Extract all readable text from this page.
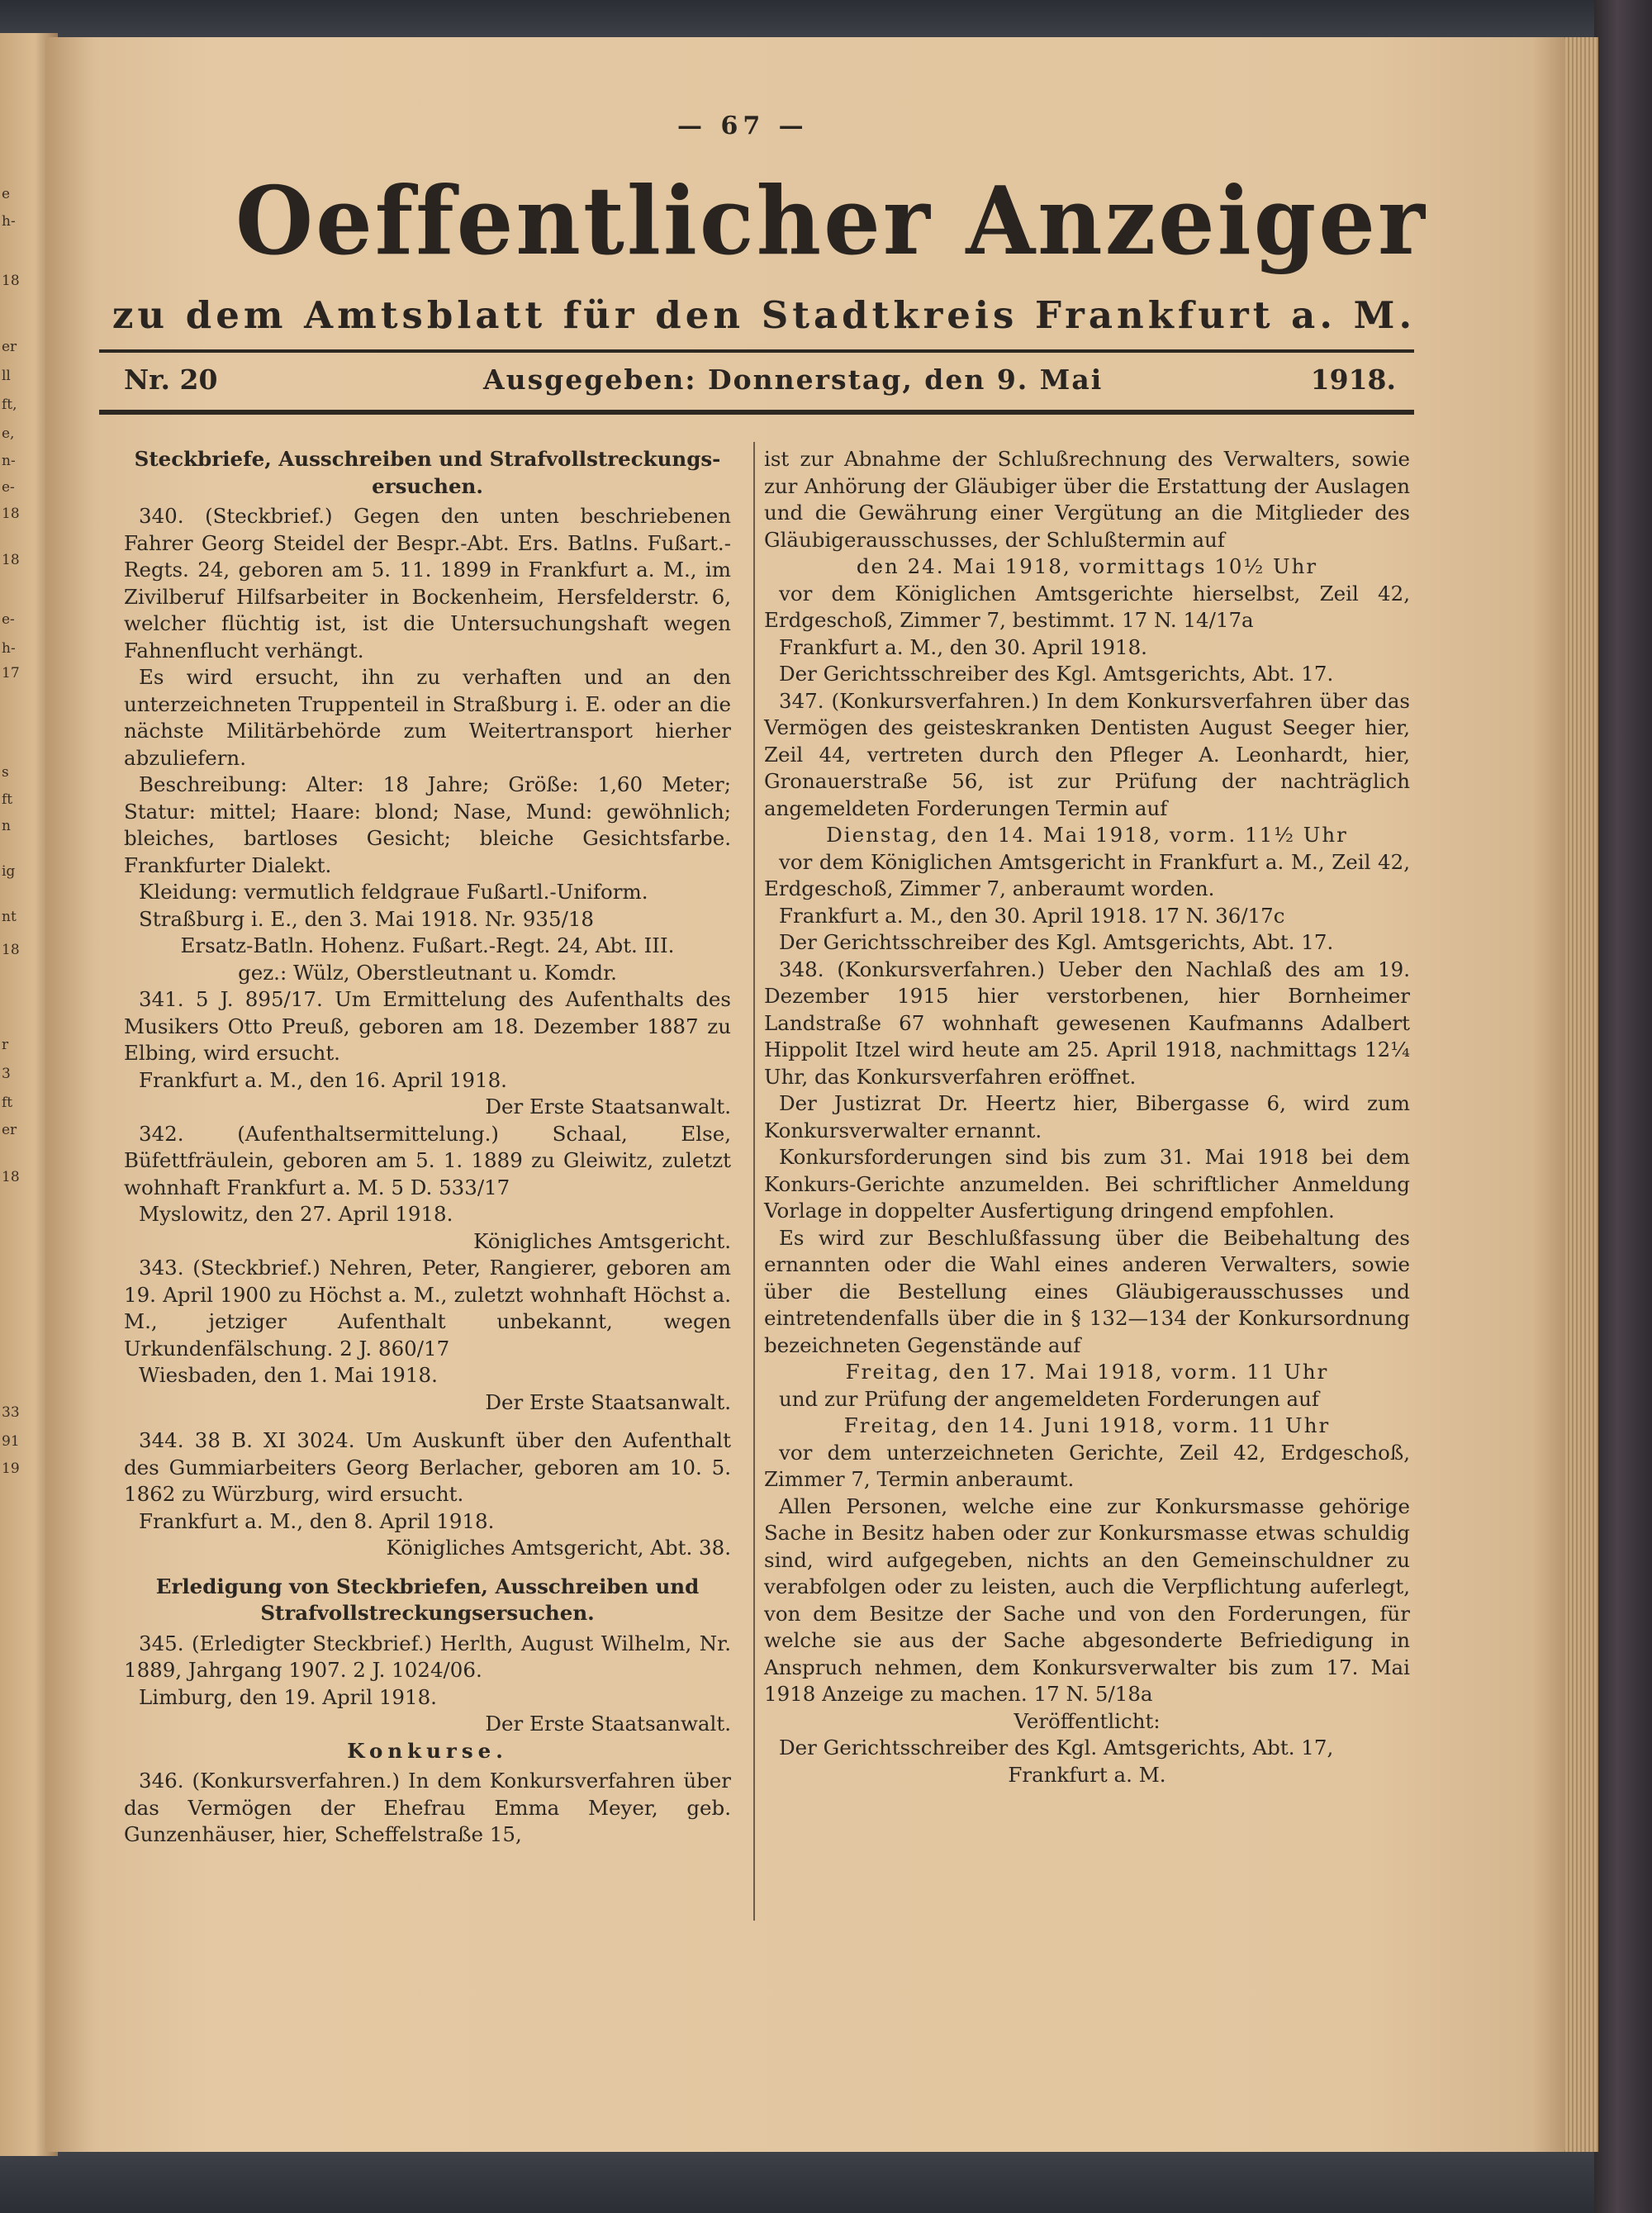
e
h-
18
er
ll
ft,
e,
n-
e-
18
18
e-
h-
17
s
ft
n
ig
nt
18
r
3
ft
er
18
33
91
19
— 67 —
Oeffentlicher Anzeiger
zu dem Amtsblatt für den Stadtkreis Frankfurt a. M.
Nr. 20	Ausgegeben: Donnerstag, den 9. Mai	1918.

Steckbriefe, Ausschreiben und Strafvollstreckungs-ersuchen.

340. (Steckbrief.) Gegen den unten beschriebenen Fahrer Georg Steidel der Bespr.-Abt. Ers. Batlns. Fußart.-Regts. 24, geboren am 5. 11. 1899 in Frankfurt a. M., im Zivilberuf Hilfsarbeiter in Bockenheim, Hersfelderstr. 6, welcher flüchtig ist, ist die Untersuchungshaft wegen Fahnenflucht verhängt.

Es wird ersucht, ihn zu verhaften und an den unterzeichneten Truppenteil in Straßburg i. E. oder an die nächste Militärbehörde zum Weitertransport hierher abzuliefern.

Beschreibung: Alter: 18 Jahre; Größe: 1,60 Meter; Statur: mittel; Haare: blond; Nase, Mund: gewöhnlich; bleiches, bartloses Gesicht; bleiche Gesichtsfarbe. Frankfurter Dialekt.

Kleidung: vermutlich feldgraue Fußartl.-Uniform.

Straßburg i. E., den 3. Mai 1918. Nr. 935/18

Ersatz-Batln. Hohenz. Fußart.-Regt. 24, Abt. III.

gez.: Wülz, Oberstleutnant u. Komdr.

341. 5 J. 895/17. Um Ermittelung des Aufenthalts des Musikers Otto Preuß, geboren am 18. Dezember 1887 zu Elbing, wird ersucht.

Frankfurt a. M., den 16. April 1918.

Der Erste Staatsanwalt.

342. (Aufenthaltsermittelung.) Schaal, Else, Büfettfräulein, geboren am 5. 1. 1889 zu Gleiwitz, zuletzt wohnhaft Frankfurt a. M. 5 D. 533/17

Myslowitz, den 27. April 1918.

Königliches Amtsgericht.

343. (Steckbrief.) Nehren, Peter, Rangierer, geboren am 19. April 1900 zu Höchst a. M., zuletzt wohnhaft Höchst a. M., jetziger Aufenthalt unbekannt, wegen Urkundenfälschung. 2 J. 860/17

Wiesbaden, den 1. Mai 1918.

Der Erste Staatsanwalt.

344. 38 B. XI 3024. Um Auskunft über den Aufenthalt des Gummiarbeiters Georg Berlacher, geboren am 10. 5. 1862 zu Würzburg, wird ersucht.

Frankfurt a. M., den 8. April 1918.

Königliches Amtsgericht, Abt. 38.

Erledigung von Steckbriefen, Ausschreiben und Strafvollstreckungsersuchen.

345. (Erledigter Steckbrief.) Herlth, August Wilhelm, Nr. 1889, Jahrgang 1907. 2 J. 1024/06.

Limburg, den 19. April 1918.

Der Erste Staatsanwalt.

Konkurse.

346. (Konkursverfahren.) In dem Konkursverfahren über das Vermögen der Ehefrau Emma Meyer, geb. Gunzenhäuser, hier, Scheffelstraße 15,

ist zur Abnahme der Schlußrechnung des Verwalters, sowie zur Anhörung der Gläubiger über die Erstattung der Auslagen und die Gewährung einer Vergütung an die Mitglieder des Gläubigerausschusses, der Schlußtermin auf

den 24. Mai 1918, vormittags 10½ Uhr

vor dem Königlichen Amtsgerichte hierselbst, Zeil 42, Erdgeschoß, Zimmer 7, bestimmt. 17 N. 14/17a

Frankfurt a. M., den 30. April 1918.

Der Gerichtsschreiber des Kgl. Amtsgerichts, Abt. 17.

347. (Konkursverfahren.) In dem Konkursverfahren über das Vermögen des geisteskranken Dentisten August Seeger hier, Zeil 44, vertreten durch den Pfleger A. Leonhardt, hier, Gronauerstraße 56, ist zur Prüfung der nachträglich angemeldeten Forderungen Termin auf

Dienstag, den 14. Mai 1918, vorm. 11½ Uhr

vor dem Königlichen Amtsgericht in Frankfurt a. M., Zeil 42, Erdgeschoß, Zimmer 7, anberaumt worden.

Frankfurt a. M., den 30. April 1918. 17 N. 36/17c

Der Gerichtsschreiber des Kgl. Amtsgerichts, Abt. 17.

348. (Konkursverfahren.) Ueber den Nachlaß des am 19. Dezember 1915 hier verstorbenen, hier Bornheimer Landstraße 67 wohnhaft gewesenen Kaufmanns Adalbert Hippolit Itzel wird heute am 25. April 1918, nachmittags 12¼ Uhr, das Konkursverfahren eröffnet.

Der Justizrat Dr. Heertz hier, Bibergasse 6, wird zum Konkursverwalter ernannt.

Konkursforderungen sind bis zum 31. Mai 1918 bei dem Konkurs-Gerichte anzumelden. Bei schriftlicher Anmeldung Vorlage in doppelter Ausfertigung dringend empfohlen.

Es wird zur Beschlußfassung über die Beibehaltung des ernannten oder die Wahl eines anderen Verwalters, sowie über die Bestellung eines Gläubigerausschusses und eintretendenfalls über die in § 132—134 der Konkursordnung bezeichneten Gegenstände auf

Freitag, den 17. Mai 1918, vorm. 11 Uhr

und zur Prüfung der angemeldeten Forderungen auf

Freitag, den 14. Juni 1918, vorm. 11 Uhr

vor dem unterzeichneten Gerichte, Zeil 42, Erdgeschoß, Zimmer 7, Termin anberaumt.

Allen Personen, welche eine zur Konkursmasse gehörige Sache in Besitz haben oder zur Konkursmasse etwas schuldig sind, wird aufgegeben, nichts an den Gemeinschuldner zu verabfolgen oder zu leisten, auch die Verpflichtung auferlegt, von dem Besitze der Sache und von den Forderungen, für welche sie aus der Sache abgesonderte Befriedigung in Anspruch nehmen, dem Konkursverwalter bis zum 17. Mai 1918 Anzeige zu machen. 17 N. 5/18a

Veröffentlicht:

Der Gerichtsschreiber des Kgl. Amtsgerichts, Abt. 17,

Frankfurt a. M.
